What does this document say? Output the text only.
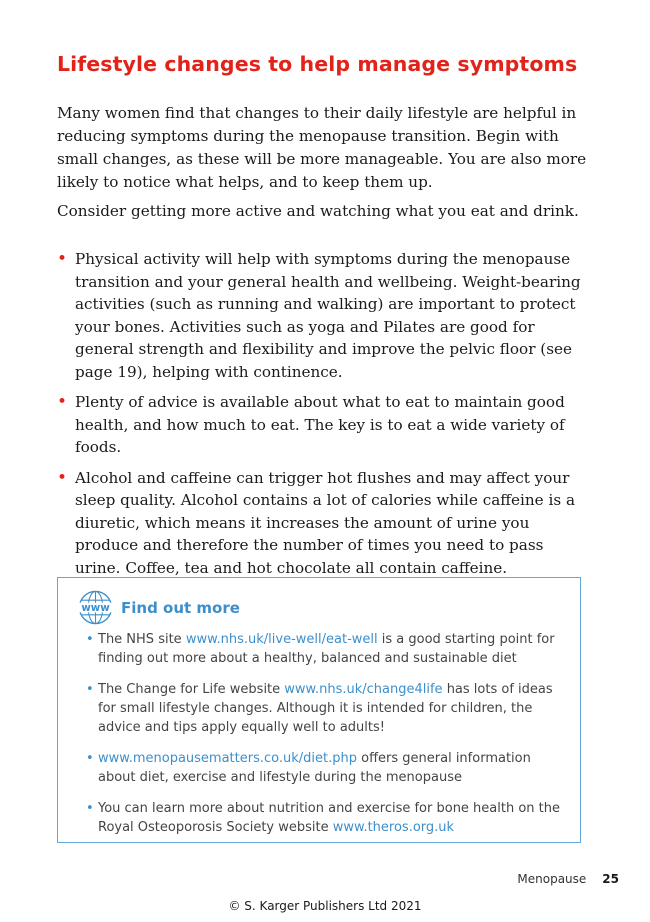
Lifestyle changes to help manage symptoms

Many women find that changes to their daily lifestyle are helpful in reducing symptoms during the menopause transition. Begin with small changes, as these will be more manageable. You are also more likely to notice what helps, and to keep them up.

Consider getting more active and watching what you eat and drink.

• Physical activity will help with symptoms during the menopause transition and your general health and wellbeing. Weight-bearing activities (such as running and walking) are important to protect your bones. Activities such as yoga and Pilates are good for general strength and flexibility and improve the pelvic floor (see page 19), helping with continence.
• Plenty of advice is available about what to eat to maintain good health, and how much to eat. The key is to eat a wide variety of foods.
• Alcohol and caffeine can trigger hot flushes and may affect your sleep quality. Alcohol contains a lot of calories while caffeine is a diuretic, which means it increases the amount of urine you produce and therefore the number of times you need to pass urine. Coffee, tea and hot chocolate all contain caffeine.
www Find out more
• The NHS site www.nhs.uk/live-well/eat-well is a good starting point for finding out more about a healthy, balanced and sustainable diet
• The Change for Life website www.nhs.uk/change4life has lots of ideas for small lifestyle changes. Although it is intended for children, the advice and tips apply equally well to adults!
• www.menopausematters.co.uk/diet.php offers general information about diet, exercise and lifestyle during the menopause
• You can learn more about nutrition and exercise for bone health on the Royal Osteoporosis Society website www.theros.org.uk
Menopause 25
© S. Karger Publishers Ltd 2021
